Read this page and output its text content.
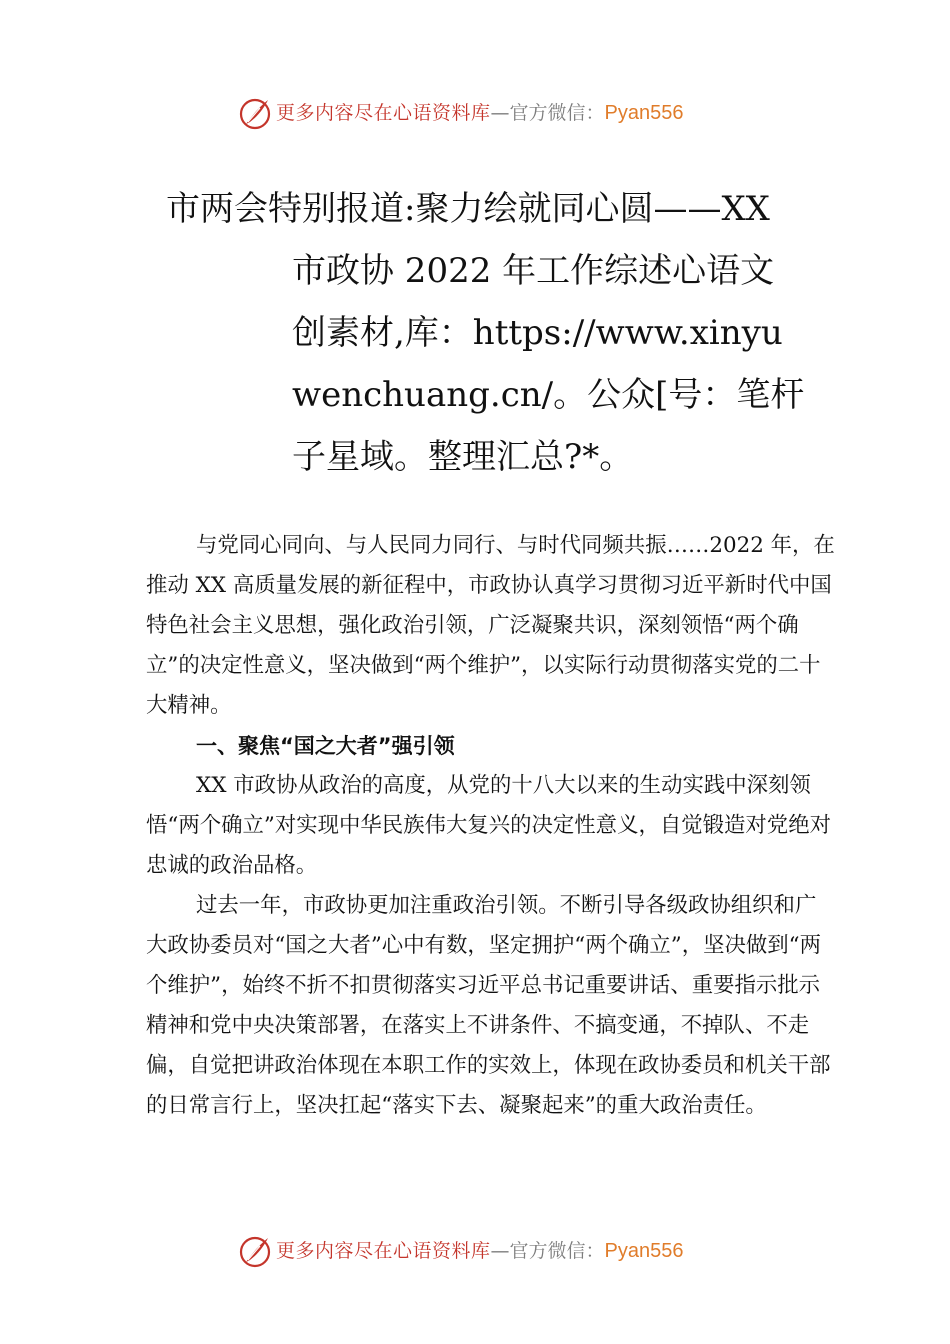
更多内容尽在心语资料库—官方微信：Pyan556
市两会特别报道:聚力绘就同心圆——XX
市政协 2022 年工作综述心语文
创素材,库：https://www.xinyu
wenchuang.cn/。公众[号：笔杆
子星域。整理汇总?*。

与党同心同向、与人民同力同行、与时代同频共振……2022 年，在推动 XX 高质量发展的新征程中，市政协认真学习贯彻习近平新时代中国特色社会主义思想，强化政治引领，广泛凝聚共识，深刻领悟“两个确立”的决定性意义，坚决做到“两个维护”，以实际行动贯彻落实党的二十大精神。

一、聚焦“国之大者”强引领

XX 市政协从政治的高度，从党的十八大以来的生动实践中深刻领悟“两个确立”对实现中华民族伟大复兴的决定性意义，自觉锻造对党绝对忠诚的政治品格。

过去一年，市政协更加注重政治引领。不断引导各级政协组织和广大政协委员对“国之大者”心中有数，坚定拥护“两个确立”，坚决做到“两个维护”，始终不折不扣贯彻落实习近平总书记重要讲话、重要指示批示精神和党中央决策部署，在落实上不讲条件、不搞变通，不掉队、不走偏，自觉把讲政治体现在本职工作的实效上，体现在政协委员和机关干部的日常言行上，坚决扛起“落实下去、凝聚起来”的重大政治责任。

更多内容尽在心语资料库—官方微信：Pyan556
